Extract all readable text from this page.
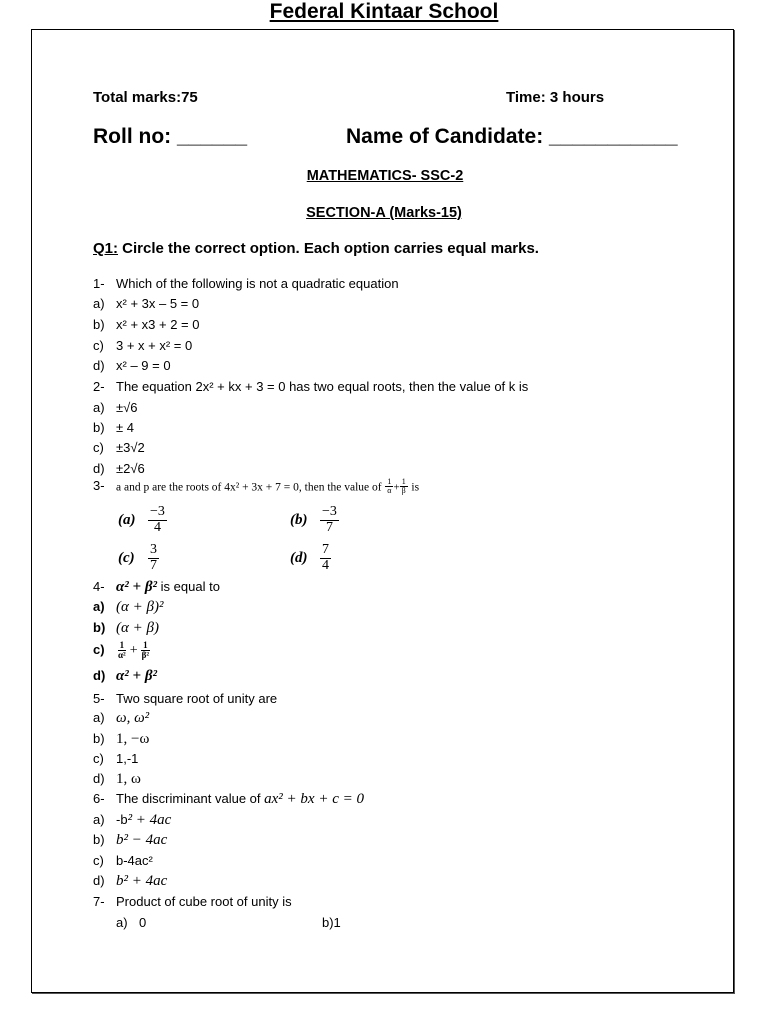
Federal Kintaar School
Total marks:75	Time: 3 hours
Roll no: ______	Name of Candidate: ___________
MATHEMATICS- SSC-2
SECTION-A (Marks-15)
Q1: Circle the correct option. Each option carries equal marks.
1- Which of the following is not a quadratic equation
a) x² + 3x – 5 = 0
b) x² + x3 + 2 = 0
c) 3 + x + x² = 0
d) x² – 9 = 0
2- The equation 2x² + kx + 3 = 0 has two equal roots, then the value of k is
a) ±√6
b) ± 4
c) ±3√2
d) ±2√6
3- a and p are the roots of 4x² + 3x + 7 = 0, then the value of $\frac{1}{\alpha} + \frac{1}{\beta}$ is
$(a) \frac{-3}{4}$	$(b) \frac{-3}{7}$
$(c) \frac{3}{7}$	$(d) \frac{7}{4}$
4- α² + β² is equal to
a) (α + β)²
b) (α + β)
$c) \frac{1}{\text{α²}} + \frac{1}{\text{β²}}$
d) α² + β²
5- Two square root of unity are
a) ω, ω²
b) 1, −ω
c) 1,-1
d) 1, ω
6- The discriminant value of ax² + bx + c = 0
a) -b² + 4ac
b) b² − 4ac
c) b-4ac²
d) b² + 4ac
7- Product of cube root of unity is
a) 0	b)1
